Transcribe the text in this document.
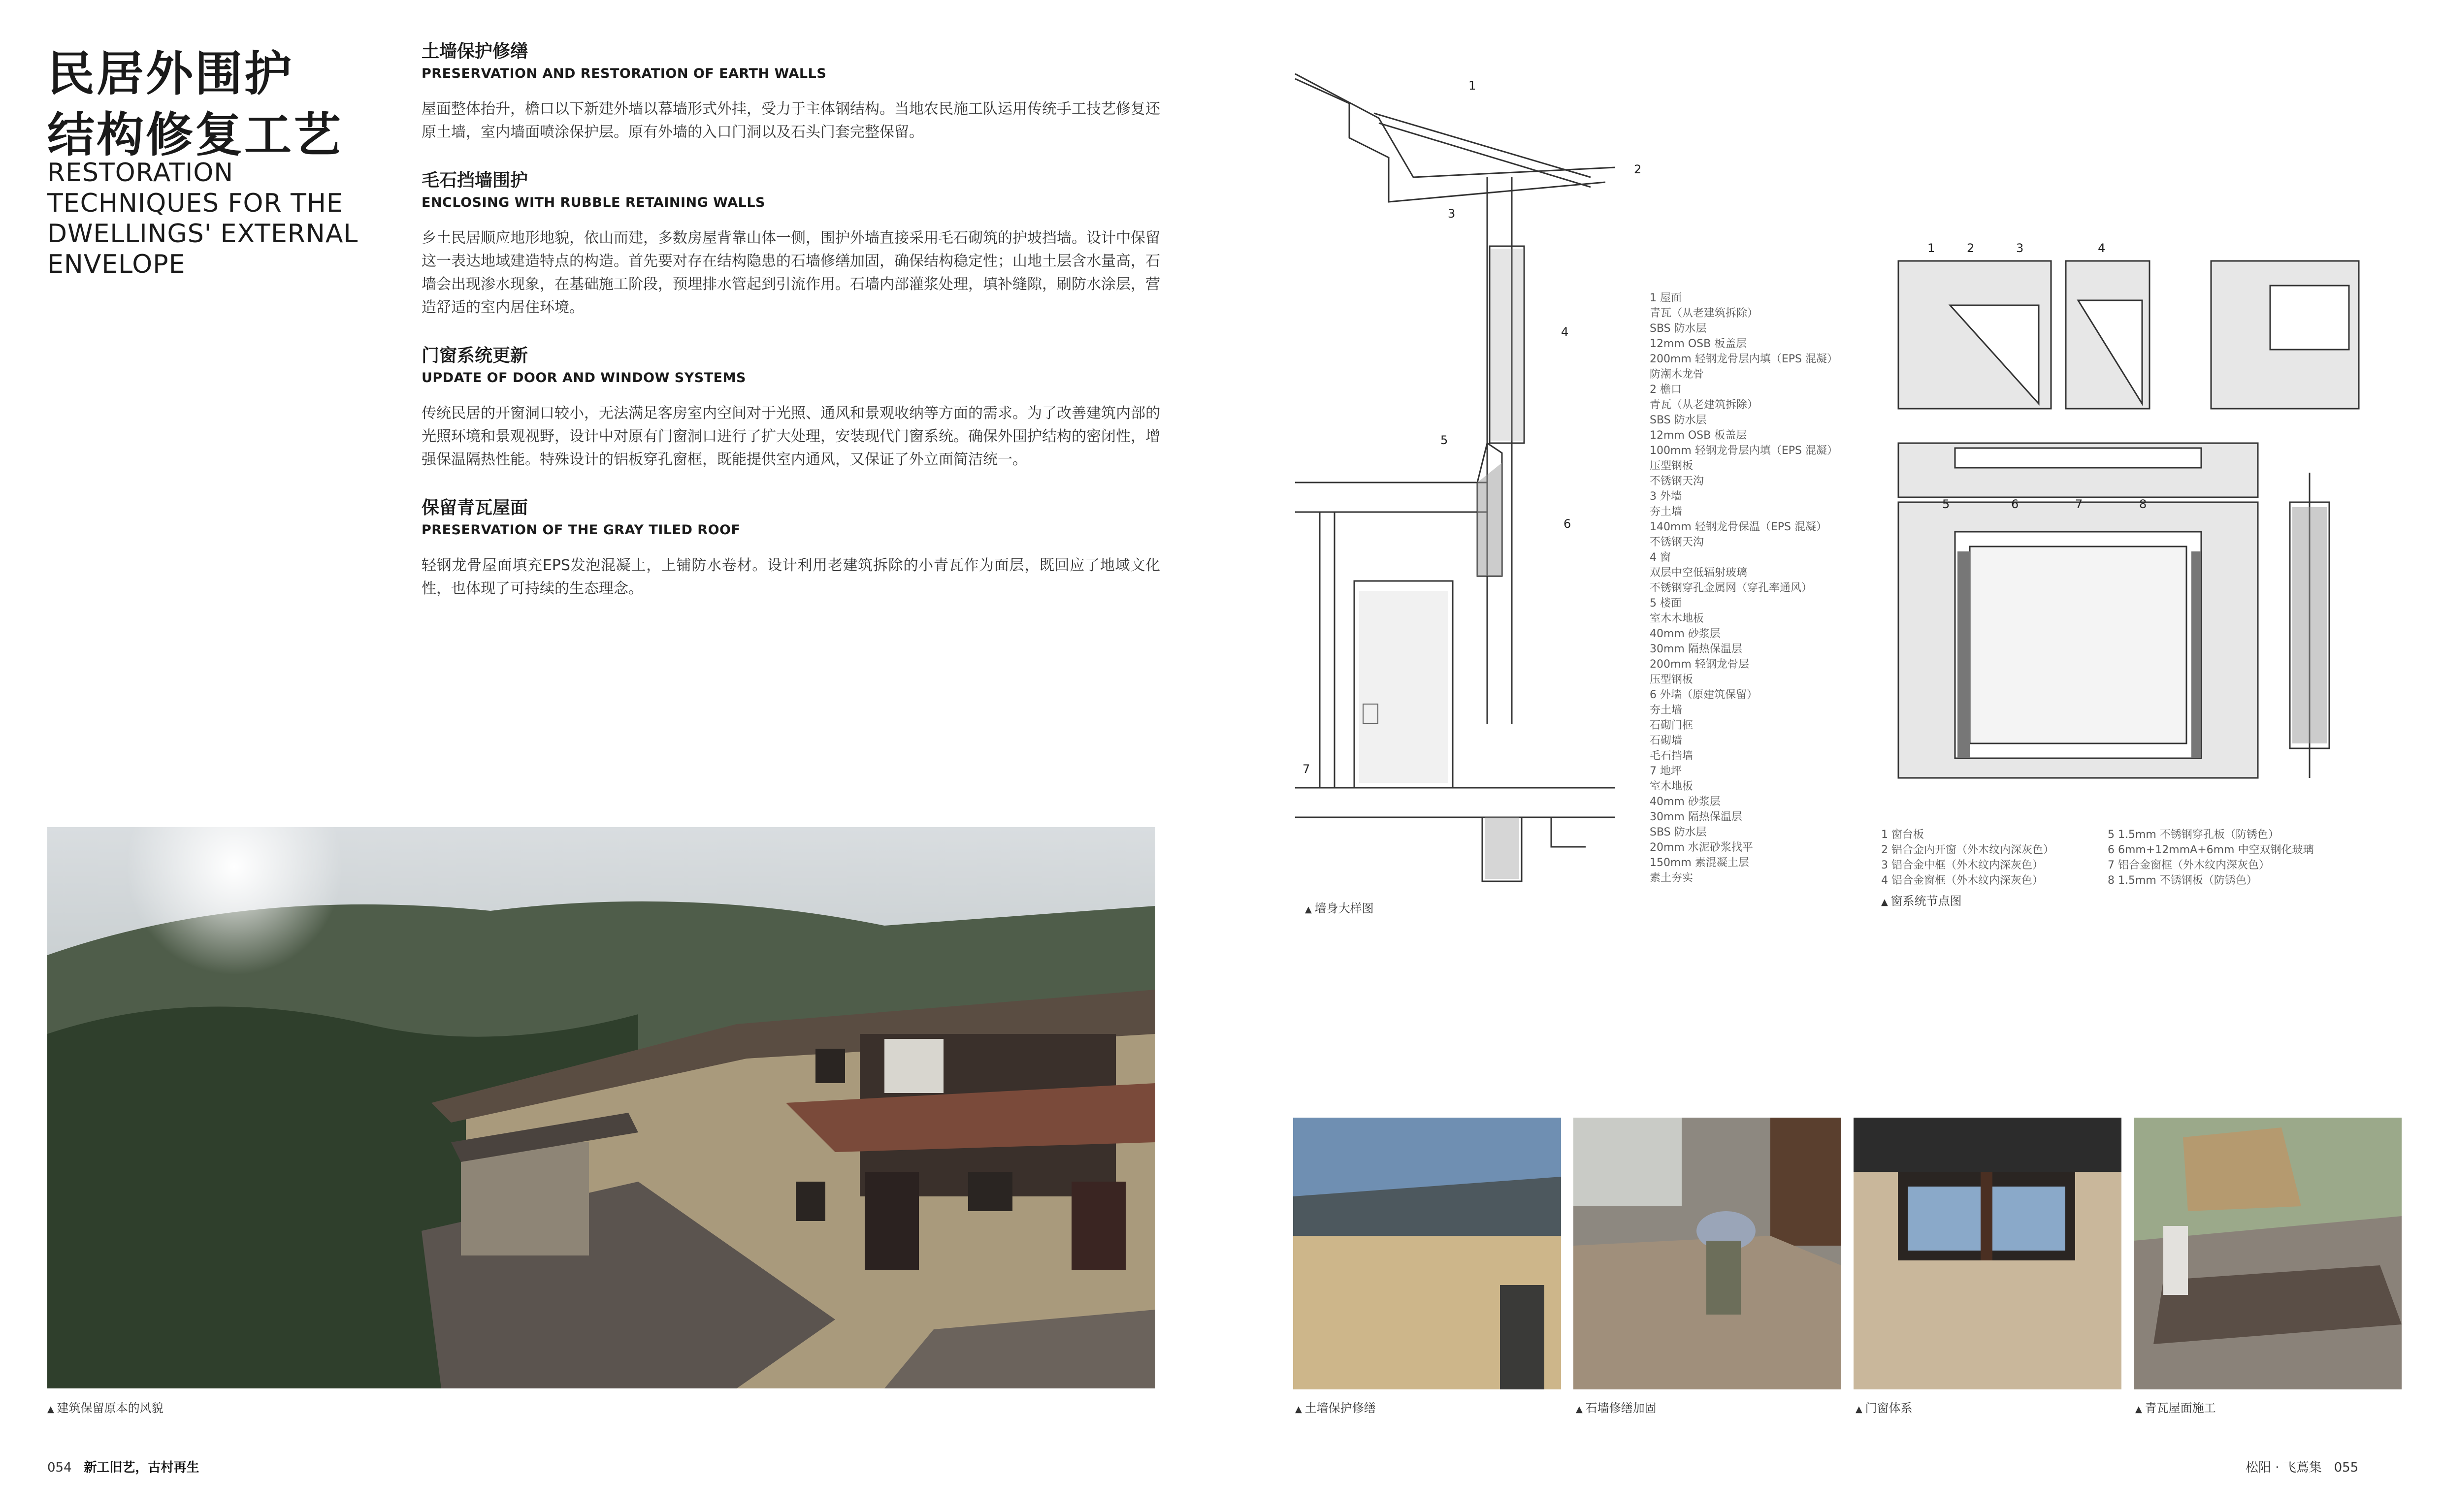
民居外围护
结构修复工艺
RESTORATION
TECHNIQUES FOR THE
DWELLINGS' EXTERNAL
ENVELOPE
土墙保护修缮
PRESERVATION AND RESTORATION OF EARTH WALLS
屋面整体抬升，檐口以下新建外墙以幕墙形式外挂，受力于主体钢结构。当地农民施工队运用传统手工技艺修复还原土墙，室内墙面喷涂保护层。原有外墙的入口门洞以及石头门套完整保留。
毛石挡墙围护
ENCLOSING WITH RUBBLE RETAINING WALLS
乡土民居顺应地形地貌，依山而建，多数房屋背靠山体一侧，围护外墙直接采用毛石砌筑的护坡挡墙。设计中保留这一表达地域建造特点的构造。首先要对存在结构隐患的石墙修缮加固，确保结构稳定性；山地土层含水量高，石墙会出现渗水现象，在基础施工阶段，预埋排水管起到引流作用。石墙内部灌浆处理，填补缝隙，刷防水涂层，营造舒适的室内居住环境。
门窗系统更新
UPDATE OF DOOR AND WINDOW SYSTEMS
传统民居的开窗洞口较小，无法满足客房室内空间对于光照、通风和景观收纳等方面的需求。为了改善建筑内部的光照环境和景观视野，设计中对原有门窗洞口进行了扩大处理，安装现代门窗系统。确保外围护结构的密闭性，增强保温隔热性能。特殊设计的铝板穿孔窗框，既能提供室内通风，又保证了外立面简洁统一。
保留青瓦屋面
PRESERVATION OF THE GRAY TILED ROOF
轻钢龙骨屋面填充EPS发泡混凝土，上铺防水卷材。设计利用老建筑拆除的小青瓦作为面层，既回应了地域文化性，也体现了可持续的生态理念。
▲ 建筑保留原本的风貌
1
2
3
4
5
6
7
1 屋面
青瓦（从老建筑拆除）
SBS 防水层
12mm OSB 板盖层
200mm 轻钢龙骨层内填（EPS 混凝）
防潮木龙骨
2 檐口
青瓦（从老建筑拆除）
SBS 防水层
12mm OSB 板盖层
100mm 轻钢龙骨层内填（EPS 混凝）
压型钢板
不锈钢天沟
3 外墙
夯土墙
140mm 轻钢龙骨保温（EPS 混凝）
不锈钢天沟
4 窗
双层中空低辐射玻璃
不锈钢穿孔金属网（穿孔率通风）
5 楼面
室木木地板
40mm 砂浆层
30mm 隔热保温层
200mm 轻钢龙骨层
压型钢板
6 外墙（原建筑保留）
夯土墙
石砌门框
石砌墙
毛石挡墙
7 地坪
室木地板
40mm 砂浆层
30mm 隔热保温层
SBS 防水层
20mm 水泥砂浆找平
150mm 素混凝土层
素土夯实
▲ 墙身大样图
1	2	3	4
5	6	7	8
1 窗台板
2 铝合金内开窗（外木纹内深灰色）
3 铝合金中框（外木纹内深灰色）
4 铝合金窗框（外木纹内深灰色）
5 1.5mm 不锈钢穿孔板（防锈色）
6 6mm+12mmA+6mm 中空双钢化玻璃
7 铝合金窗框（外木纹内深灰色）
8 1.5mm 不锈钢板（防锈色）
▲ 窗系统节点图
▲ 土墙保护修缮	▲ 石墙修缮加固	▲ 门窗体系	▲ 青瓦屋面施工
054 新工旧艺，古村再生	松阳 · 飞蔦集 055
